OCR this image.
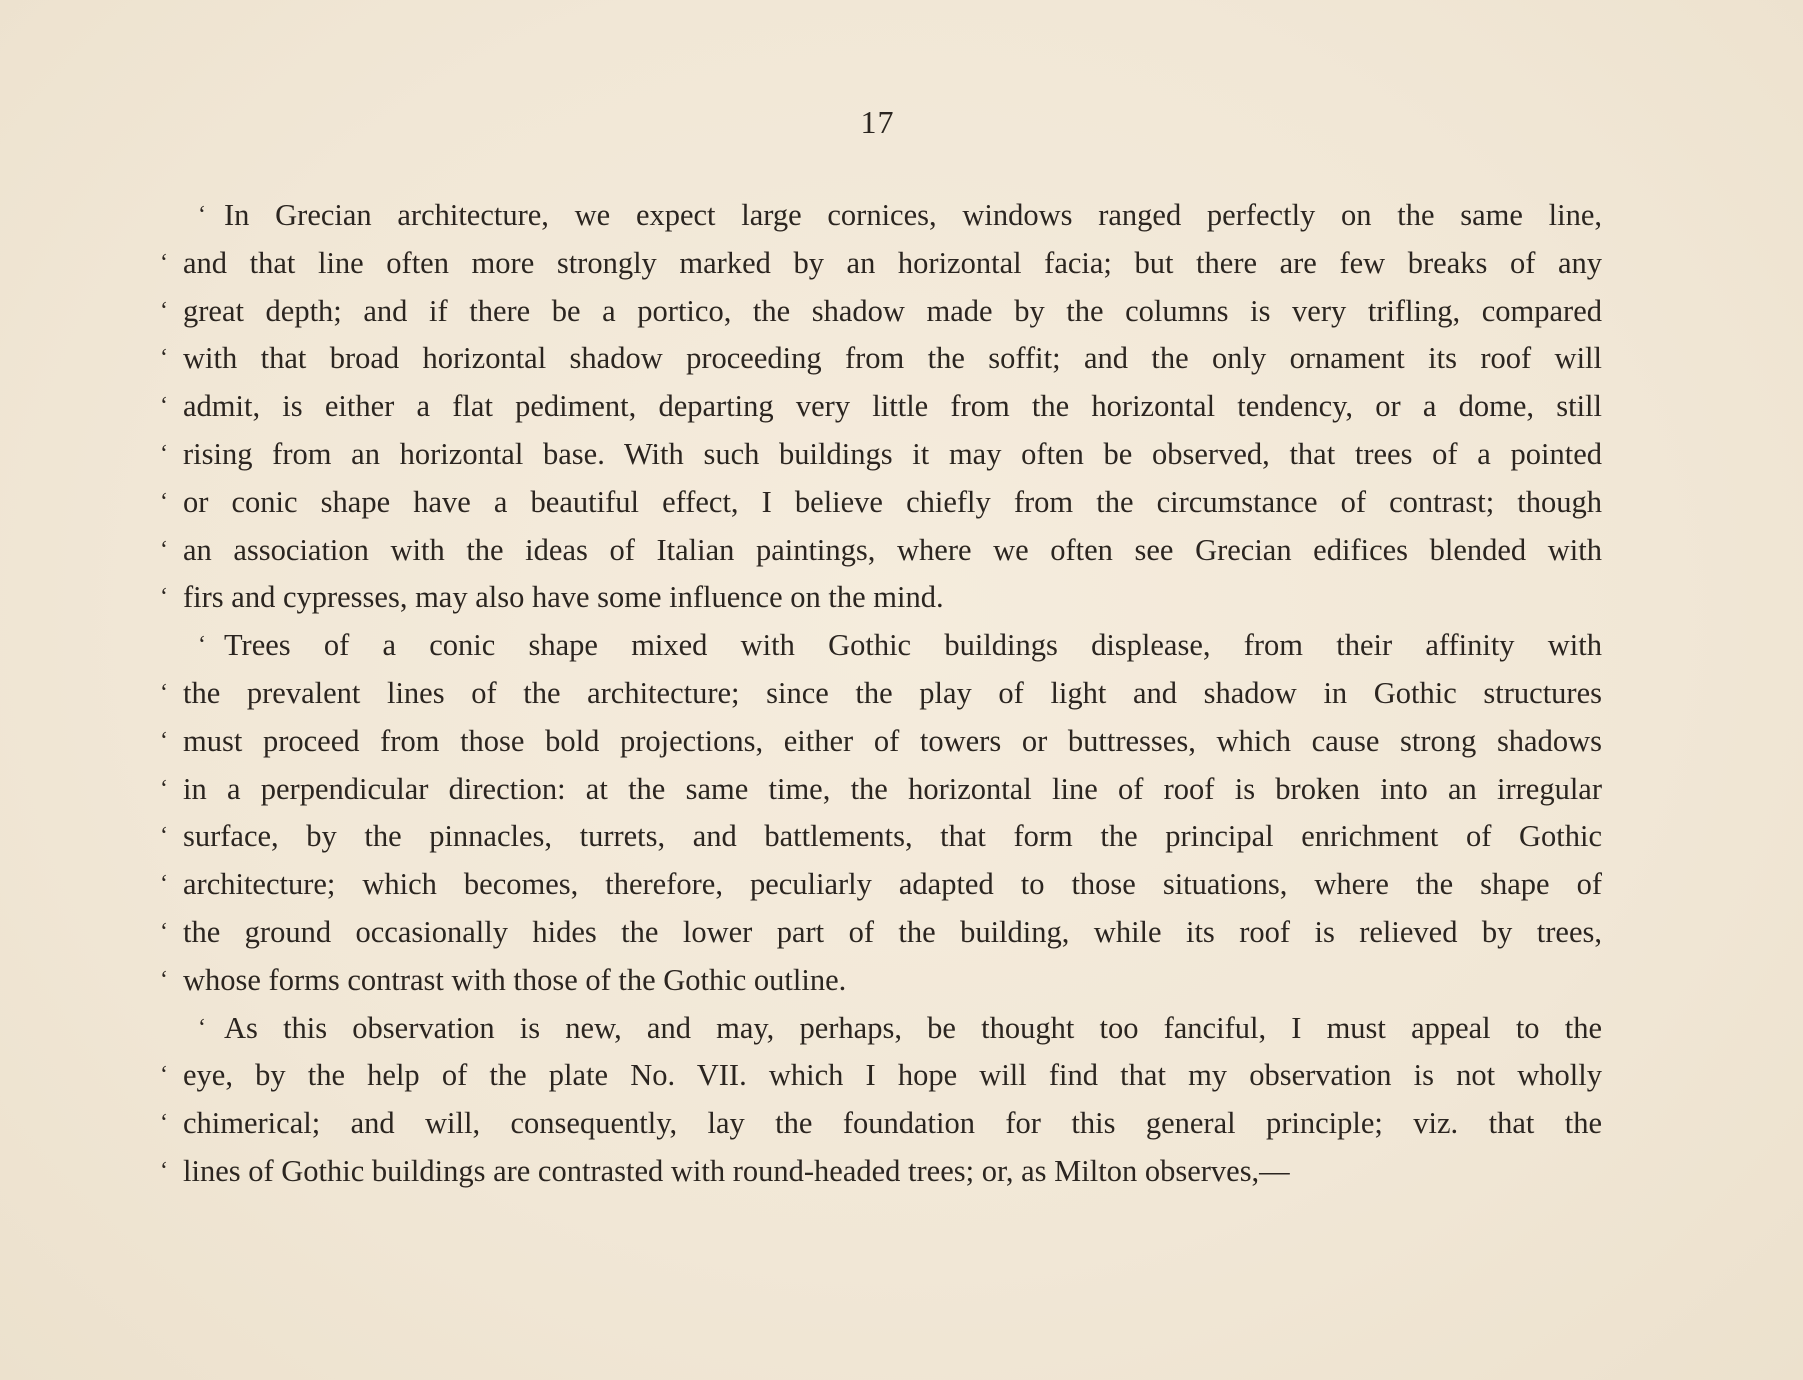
17
‘ In Grecian architecture, we expect large cornices, windows ranged perfectly on the same line,
‘ and that line often more strongly marked by an horizontal facia; but there are few breaks of any
‘ great depth; and if there be a portico, the shadow made by the columns is very trifling, compared
‘ with that broad horizontal shadow proceeding from the soffit; and the only ornament its roof will
‘ admit, is either a flat pediment, departing very little from the horizontal tendency, or a dome, still
‘ rising from an horizontal base. With such buildings it may often be observed, that trees of a pointed
‘ or conic shape have a beautiful effect, I believe chiefly from the circumstance of contrast; though
‘ an association with the ideas of Italian paintings, where we often see Grecian edifices blended with
‘ firs and cypresses, may also have some influence on the mind.
‘ Trees of a conic shape mixed with Gothic buildings displease, from their affinity with
‘ the prevalent lines of the architecture; since the play of light and shadow in Gothic structures
‘ must proceed from those bold projections, either of towers or buttresses, which cause strong shadows
‘ in a perpendicular direction: at the same time, the horizontal line of roof is broken into an irregular
‘ surface, by the pinnacles, turrets, and battlements, that form the principal enrichment of Gothic
‘ architecture; which becomes, therefore, peculiarly adapted to those situations, where the shape of
‘ the ground occasionally hides the lower part of the building, while its roof is relieved by trees,
‘ whose forms contrast with those of the Gothic outline.
‘ As this observation is new, and may, perhaps, be thought too fanciful, I must appeal to the
‘ eye, by the help of the plate No. VII. which I hope will find that my observation is not wholly
‘ chimerical; and will, consequently, lay the foundation for this general principle; viz. that the
‘ lines of Gothic buildings are contrasted with round-headed trees; or, as Milton observes,—
